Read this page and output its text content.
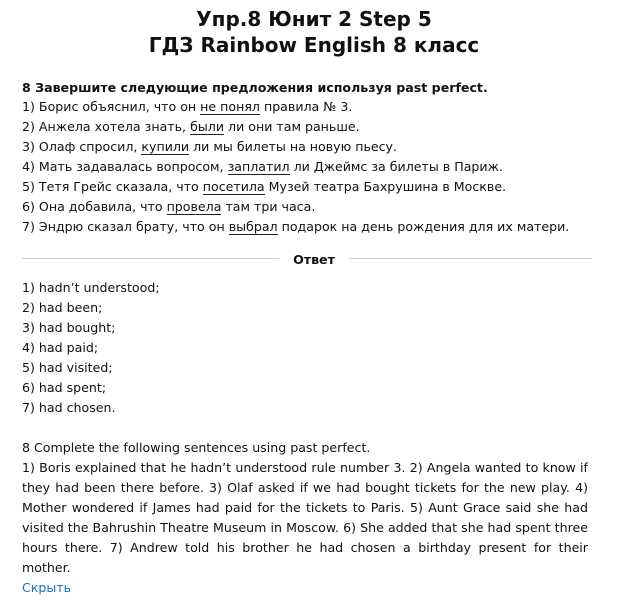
Упр.8 Юнит 2 Step 5
ГДЗ Rainbow English 8 класс
8 Завершите следующие предложения используя past perfect.
1) Борис объяснил, что он не понял правила № 3.
2) Анжела хотела знать, были ли они там раньше.
3) Олаф спросил, купили ли мы билеты на новую пьесу.
4) Мать задавалась вопросом, заплатил ли Джеймс за билеты в Париж.
5) Тетя Грейс сказала, что посетила Музей театра Бахрушина в Москве.
6) Она добавила, что провела там три часа.
7) Эндрю сказал брату, что он выбрал подарок на день рождения для их матери.
Ответ
1) hadn’t understood;
2) had been;
3) had bought;
4) had paid;
5) had visited;
6) had spent;
7) had chosen.

8 Complete the following sentences using past perfect.

1) Boris explained that he hadn’t understood rule number 3. 2) Angela wanted to know if they had been there before. 3) Olaf asked if we had bought tickets for the new play. 4) Mother wondered if James had paid for the tickets to Paris. 5) Aunt Grace said she had visited the Bahrushin Theatre Museum in Moscow. 6) She added that she had spent three hours there. 7) Andrew told his brother he had chosen a birthday present for their mother.

Скрыть
